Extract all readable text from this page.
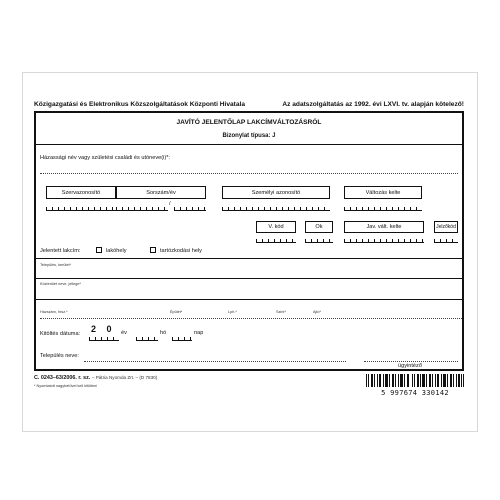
Közigazgatási és Elektronikus Közszolgáltatások Központi Hivatala	Az adatszolgáltatás az 1992. évi LXVI. tv. alapján kötelező!
JAVÍTÓ JELENTŐLAP LAKCÍMVÁLTOZÁSRÓL
Bizonylat típusa: J
Házassági név vagy születési családi és utóneve(i)*:
Szervazonosító	Sorszám/év
/
Személyi azonosító	Változás kelte
V. kód	Ok	Jav. vált. kelte	Jelzőkód
Jelentett lakcím:	lakóhely	tartózkodási hely
Település, kerület*
Közterület neve, jellege*
Házszám, hrsz.*	Épület*	Lph.*	Szint*	Ajtó*
Kitöltés dátuma: 2 0 év	hó	nap
Település neve:
ügyintéző
C. 0243–63/2006. r. sz. – Pátria Nyomda Zrt. – (D 7830)
* Nyomtatott nagybetűvel kell kitölteni
5 997674 330142
